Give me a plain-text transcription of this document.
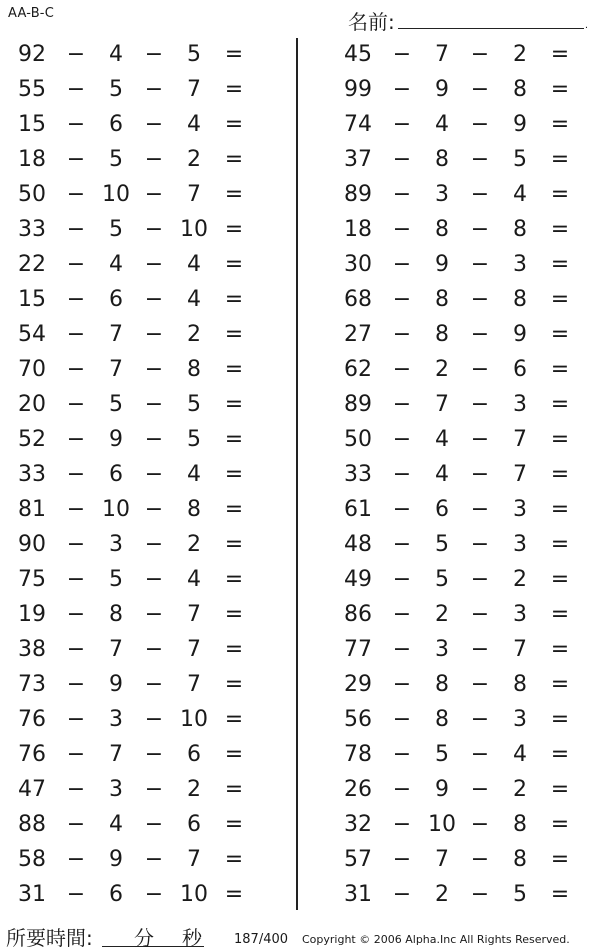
AA-B-C	名前:	.
92 −	4 −	5	=
55 −	5 −	7	=
15 −	6 −	4	=
18 −	5 −	2	=
50 − 10 −	7	=
33 −	5 − 10 =
22 −	4 −	4	=
15 −	6 −	4	=
54 −	7 −	2	=
70 −	7 −	8	=
20 −	5 −	5	=
52 −	9 −	5	=
33 −	6 −	4	=
81 − 10 −	8	=
90 −	3 −	2	=
75 −	5 −	4	=
19 −	8 −	7	=
38 −	7 −	7	=
73 −	9 −	7	=
76 −	3 − 10 =
76 −	7 −	6	=
47 −	3 −	2	=
88 −	4 −	6	=
58 −	9 −	7	=
31 −	6 − 10 =
45 −	7 −	2	=
99 −	9 −	8	=
74 −	4 −	9	=
37 −	8 −	5	=
89 −	3 −	4	=
18 −	8 −	8	=
30 −	9 −	3	=
68 −	8 −	8	=
27 −	8 −	9	=
62 −	2 −	6	=
89 −	7 −	3	=
50 −	4 −	7	=
33 −	4 −	7	=
61 −	6 −	3	=
48 −	5 −	3	=
49 −	5 −	2	=
86 −	2 −	3	=
77 −	3 −	7	=
29 −	8 −	8	=
56 −	8 −	3	=
78 −	5 −	4	=
26 −	9 −	2	=
32 − 10 −	8	=
57 −	7 −	8	=
31 −	2 −	5	=
所要時間: 分 秒 187/400 Copyright © 2006 Alpha.Inc All Rights Reserved.
